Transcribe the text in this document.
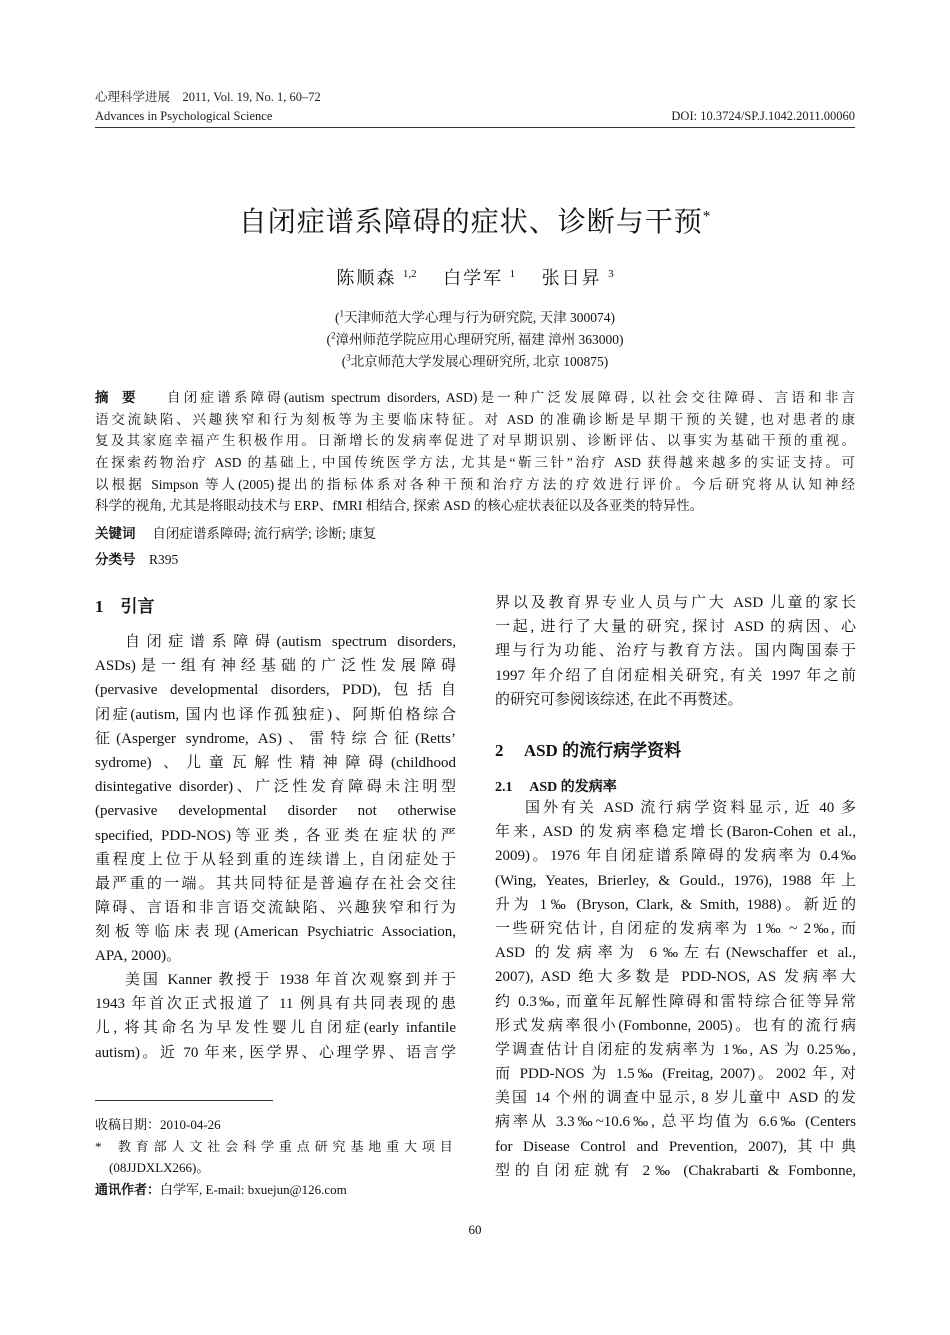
心理科学进展　2011, Vol. 19, No. 1, 60–72
Advances in Psychological Science	DOI: 10.3724/SP.J.1042.2011.00060
自闭症谱系障碍的症状、诊断与干预*
陈顺森 $^{1,2}$　 白学军 $^1$　 张日昇 $^3$
($^1$天津师范大学心理与行为研究院, 天津 300074)
($^2$漳州师范学院应用心理研究所, 福建 漳州 363000)
($^3$北京师范大学发展心理研究所, 北京 100875)
摘　要	自闭症谱系障碍(autism spectrum disorders, ASD)是一种广泛发展障碍, 以社会交往障碍、言语和非言
语交流缺陷、兴趣狭窄和行为刻板等为主要临床特征。对 ASD 的准确诊断是早期干预的关键, 也对患者的康
复及其家庭幸福产生积极作用。日渐增长的发病率促进了对早期识别、诊断评估、以事实为基础干预的重视。
在探索药物治疗 ASD 的基础上, 中国传统医学方法, 尤其是“靳三针”治疗 ASD 获得越来越多的实证支持。可
以根据 Simpson 等人(2005)提出的指标体系对各种干预和治疗方法的疗效进行评价。今后研究将从认知神经
科学的视角, 尤其是将眼动技术与 ERP、fMRI 相结合, 探索 ASD 的核心症状表征以及各亚类的特异性。
关键词　 自闭症谱系障碍; 流行病学; 诊断; 康复
分类号　 R395
1　 引言
自闭症谱系障碍(autism spectrum disorders,
ASDs)是一组有神经基础的广泛性发展障碍
(pervasive developmental disorders, PDD), 包括自
闭症(autism, 国内也译作孤独症)、阿斯伯格综合
征(Asperger syndrome, AS)、雷特综合征(Retts’
sydrome) 、儿童瓦解性精神障碍(childhood
disintegative disorder)、广泛性发育障碍未注明型
(pervasive developmental disorder not otherwise
specified, PDD-NOS)等亚类, 各亚类在症状的严
重程度上位于从轻到重的连续谱上, 自闭症处于
最严重的一端。其共同特征是普遍存在社会交往
障碍、言语和非言语交流缺陷、兴趣狭窄和行为
刻板等临床表现(American Psychiatric Association,
APA, 2000)。
美国 Kanner 教授于 1938 年首次观察到并于
1943 年首次正式报道了 11 例具有共同表现的患
儿, 将其命名为早发性婴儿自闭症(early infantile
autism)。近 70 年来, 医学界、心理学界、语言学
收稿日期：2010-04-26
*　 教育部人文社会科学重点研究基地重大项目
(08JJDXLX266)。
通讯作者：白学军, E-mail: bxuejun@126.com
界以及教育界专业人员与广大 ASD 儿童的家长
一起, 进行了大量的研究, 探讨 ASD 的病因、心
理与行为功能、治疗与教育方法。国内陶国泰于
1997 年介绍了自闭症相关研究, 有关 1997 年之前
的研究可参阅该综述, 在此不再赘述。
2　 ASD 的流行病学资料
2.1　 ASD 的发病率
国外有关 ASD 流行病学资料显示, 近 40 多
年来, ASD 的发病率稳定增长(Baron-Cohen et al.,
2009)。1976 年自闭症谱系障碍的发病率为 0.4‰
(Wing, Yeates, Brierley, & Gould., 1976), 1988 年上
升为 1‰ (Bryson, Clark, & Smith, 1988)。新近的
一些研究估计, 自闭症的发病率为 1‰ ~ 2‰, 而
ASD 的发病率为 6‰左右(Newschaffer et al.,
2007), ASD 绝大多数是 PDD-NOS, AS 发病率大
约 0.3‰, 而童年瓦解性障碍和雷特综合征等异常
形式发病率很小(Fombonne, 2005)。也有的流行病
学调查估计自闭症的发病率为 1‰, AS 为 0.25‰,
而 PDD-NOS 为 1.5‰ (Freitag, 2007)。2002 年, 对
美国 14 个州的调查中显示, 8 岁儿童中 ASD 的发
病率从 3.3‰~10.6‰, 总平均值为 6.6‰ (Centers
for Disease Control and Prevention, 2007), 其中典
型的自闭症就有 2‰ (Chakrabarti & Fombonne,
60
